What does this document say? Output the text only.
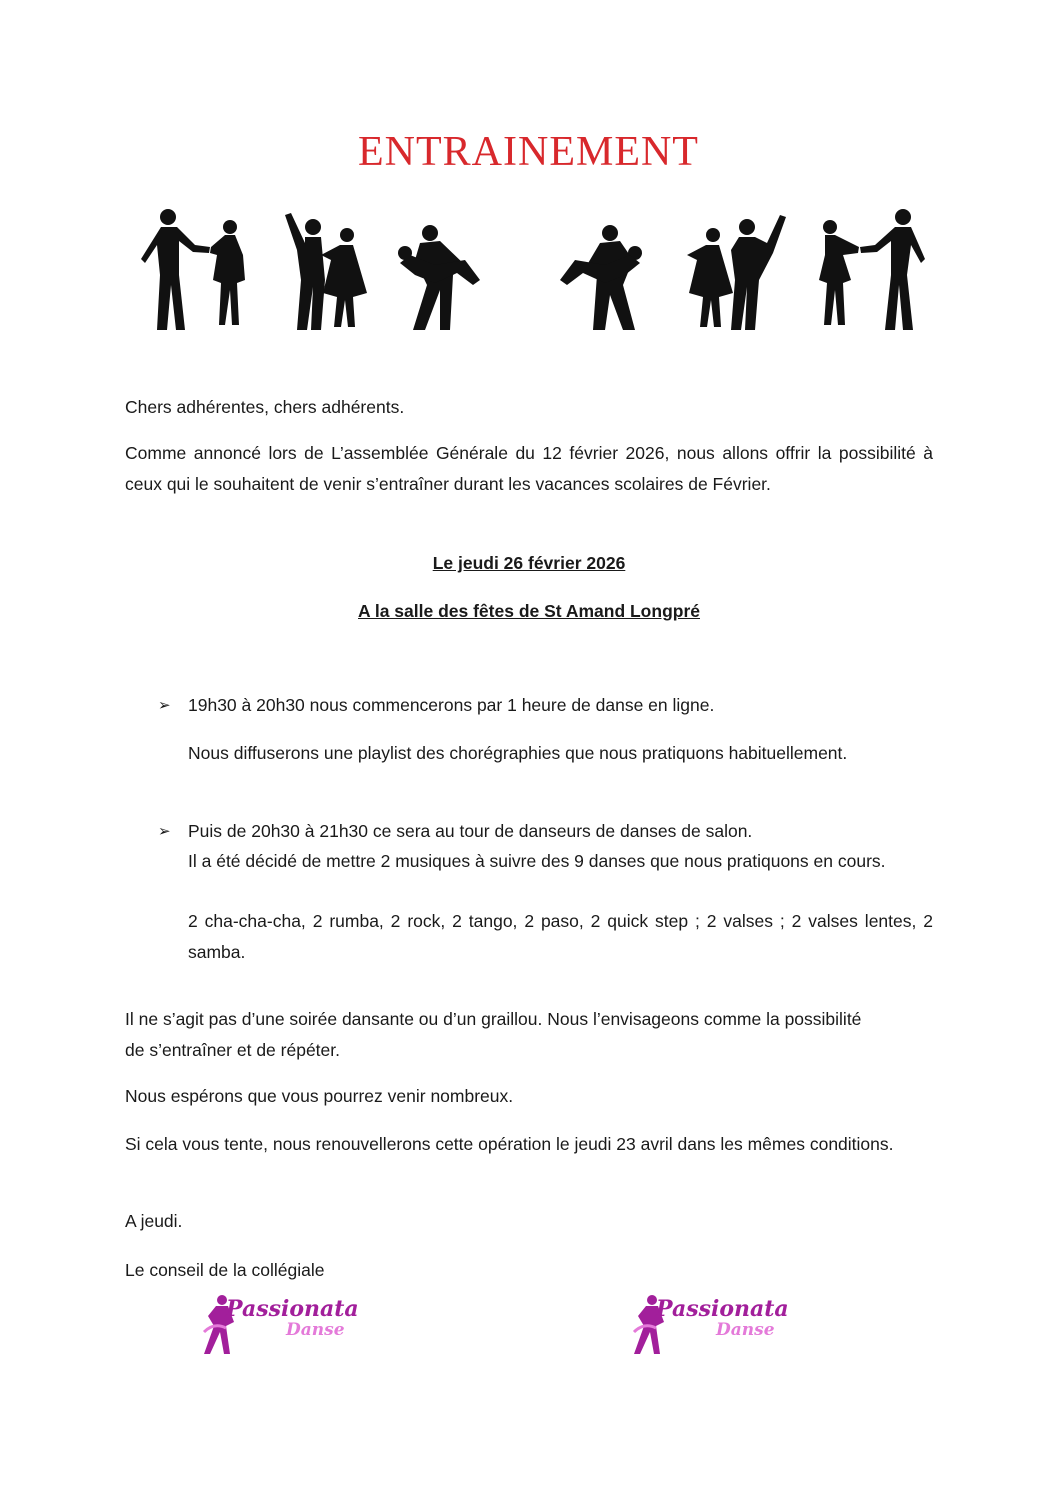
ENTRAINEMENT

Chers adhérentes, chers adhérents.

Comme annoncé lors de L’assemblée Générale du 12 février 2026, nous allons offrir la possibilité à ceux qui le souhaitent de venir s’entraîner durant les vacances scolaires de Février.

Le jeudi 26 février 2026

A la salle des fêtes de St Amand Longpré

➢ 19h30 à 20h30 nous commencerons par 1 heure de danse en ligne.

Nous diffuserons une playlist des chorégraphies que nous pratiquons habituellement.

➢ Puis de 20h30 à 21h30 ce sera au tour de danseurs de danses de salon.

Il a été décidé de mettre 2 musiques à suivre des 9 danses que nous pratiquons en cours.

2 cha-cha-cha, 2 rumba, 2 rock, 2 tango, 2 paso, 2 quick step ; 2 valses ; 2 valses lentes, 2 samba.

Il ne s’agit pas d’une soirée dansante ou d’un graillou. Nous l’envisageons comme la possibilité de s’entraîner et de répéter.

Nous espérons que vous pourrez venir nombreux.

Si cela vous tente, nous renouvellerons cette opération le jeudi 23 avril dans les mêmes conditions.

A jeudi.

Le conseil de la collégiale

Passionata
Danse
Passionata
Danse
